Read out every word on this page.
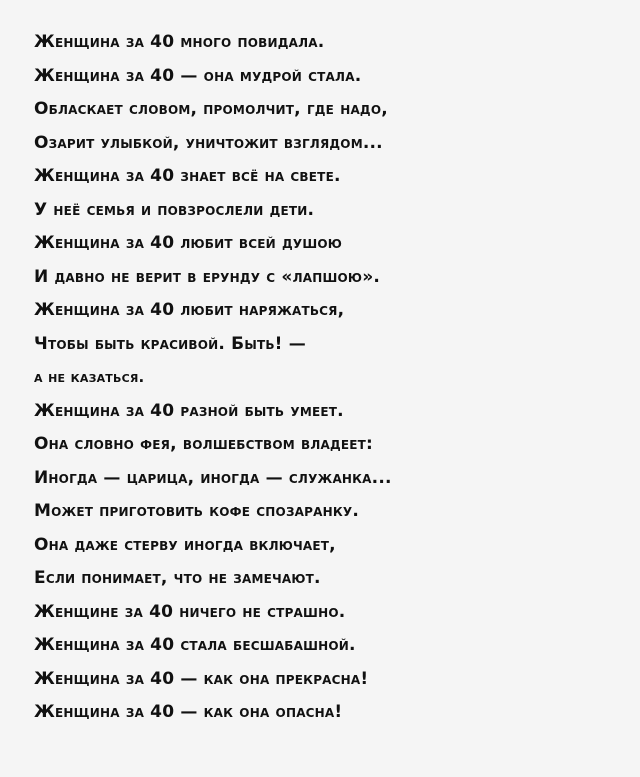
Женщина за 40 много повидала.
Женщина за 40 — она мудрой стала.
Обласкает словом, промолчит, где надо,
Озарит улыбкой, уничтожит взглядом...
Женщина за 40 знает всё на свете.
У неё семья и повзрослели дети.
Женщина за 40 любит всей душою
И давно не верит в ерунду с «лапшою».
Женщина за 40 любит наряжаться,
Чтобы быть красивой. Быть! —
а не казаться.
Женщина за 40 разной быть умеет.
Она словно фея, волшебством владеет:
Иногда — царица, иногда — служанка...
Может приготовить кофе спозаранку.
Она даже стерву иногда включает,
Если понимает, что не замечают.
Женщине за 40 ничего не страшно.
Женщина за 40 стала бесшабашной.
Женщина за 40 — как она прекрасна!
Женщина за 40 — как она опасна!
